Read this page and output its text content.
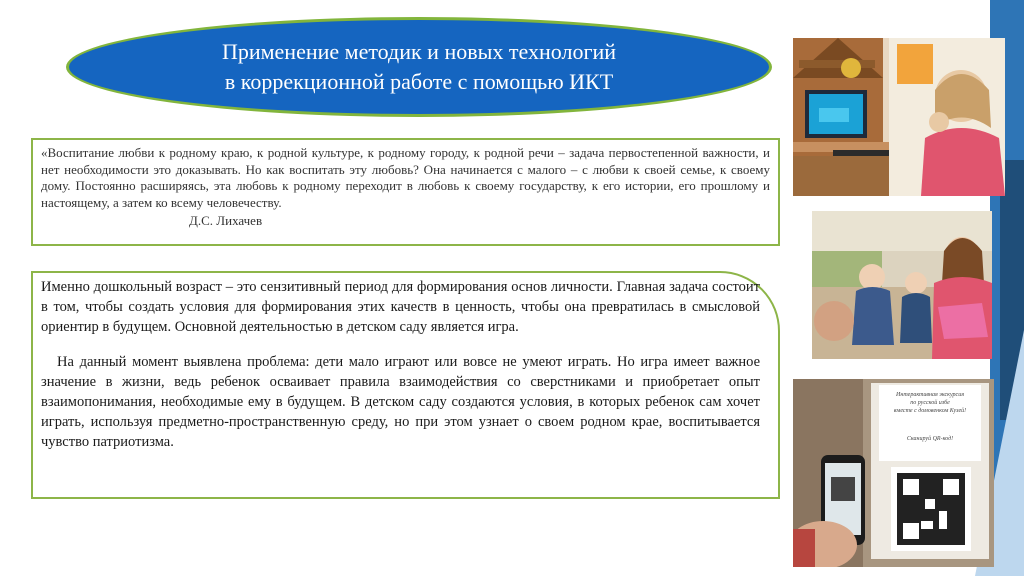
Применение методик и новых технологий
в коррекционной работе с помощью ИКТ

«Воспитание любви к родному краю, к родной культуре, к родному городу, к родной речи – задача первостепенной важности, и нет необходимости это доказывать. Но как воспитать эту любовь? Она начинается с малого – с любви к своей семье, к своему дому. Постоянно расширяясь, эта любовь к родному переходит в любовь к своему государству, к его истории, его прошлому и настоящему, а затем ко всему человечеству.

Д.С. Лихачев

Именно дошкольный возраст – это сензитивный период для формирования основ личности. Главная задача состоит в том, чтобы создать условия для формирования этих качеств в ценность, чтобы она превратилась в смысловой ориентир в будущем. Основной деятельностью в детском саду является игра.

На данный момент выявлена проблема: дети мало играют или вовсе не умеют играть. Но игра имеет важное значение в жизни, ведь ребенок осваивает правила взаимодействия со сверстниками и приобретает опыт взаимопонимания, необходимые ему в будущем. В детском саду создаются условия, в которых ребенок сам хочет играть, используя предметно-пространственную среду, но при этом узнает о своем родном крае, воспитывается чувство патриотизма.

Интерактивная экскурсия
по русской избе
вместе с домовенком Кузей!
Сканируй QR-код!
